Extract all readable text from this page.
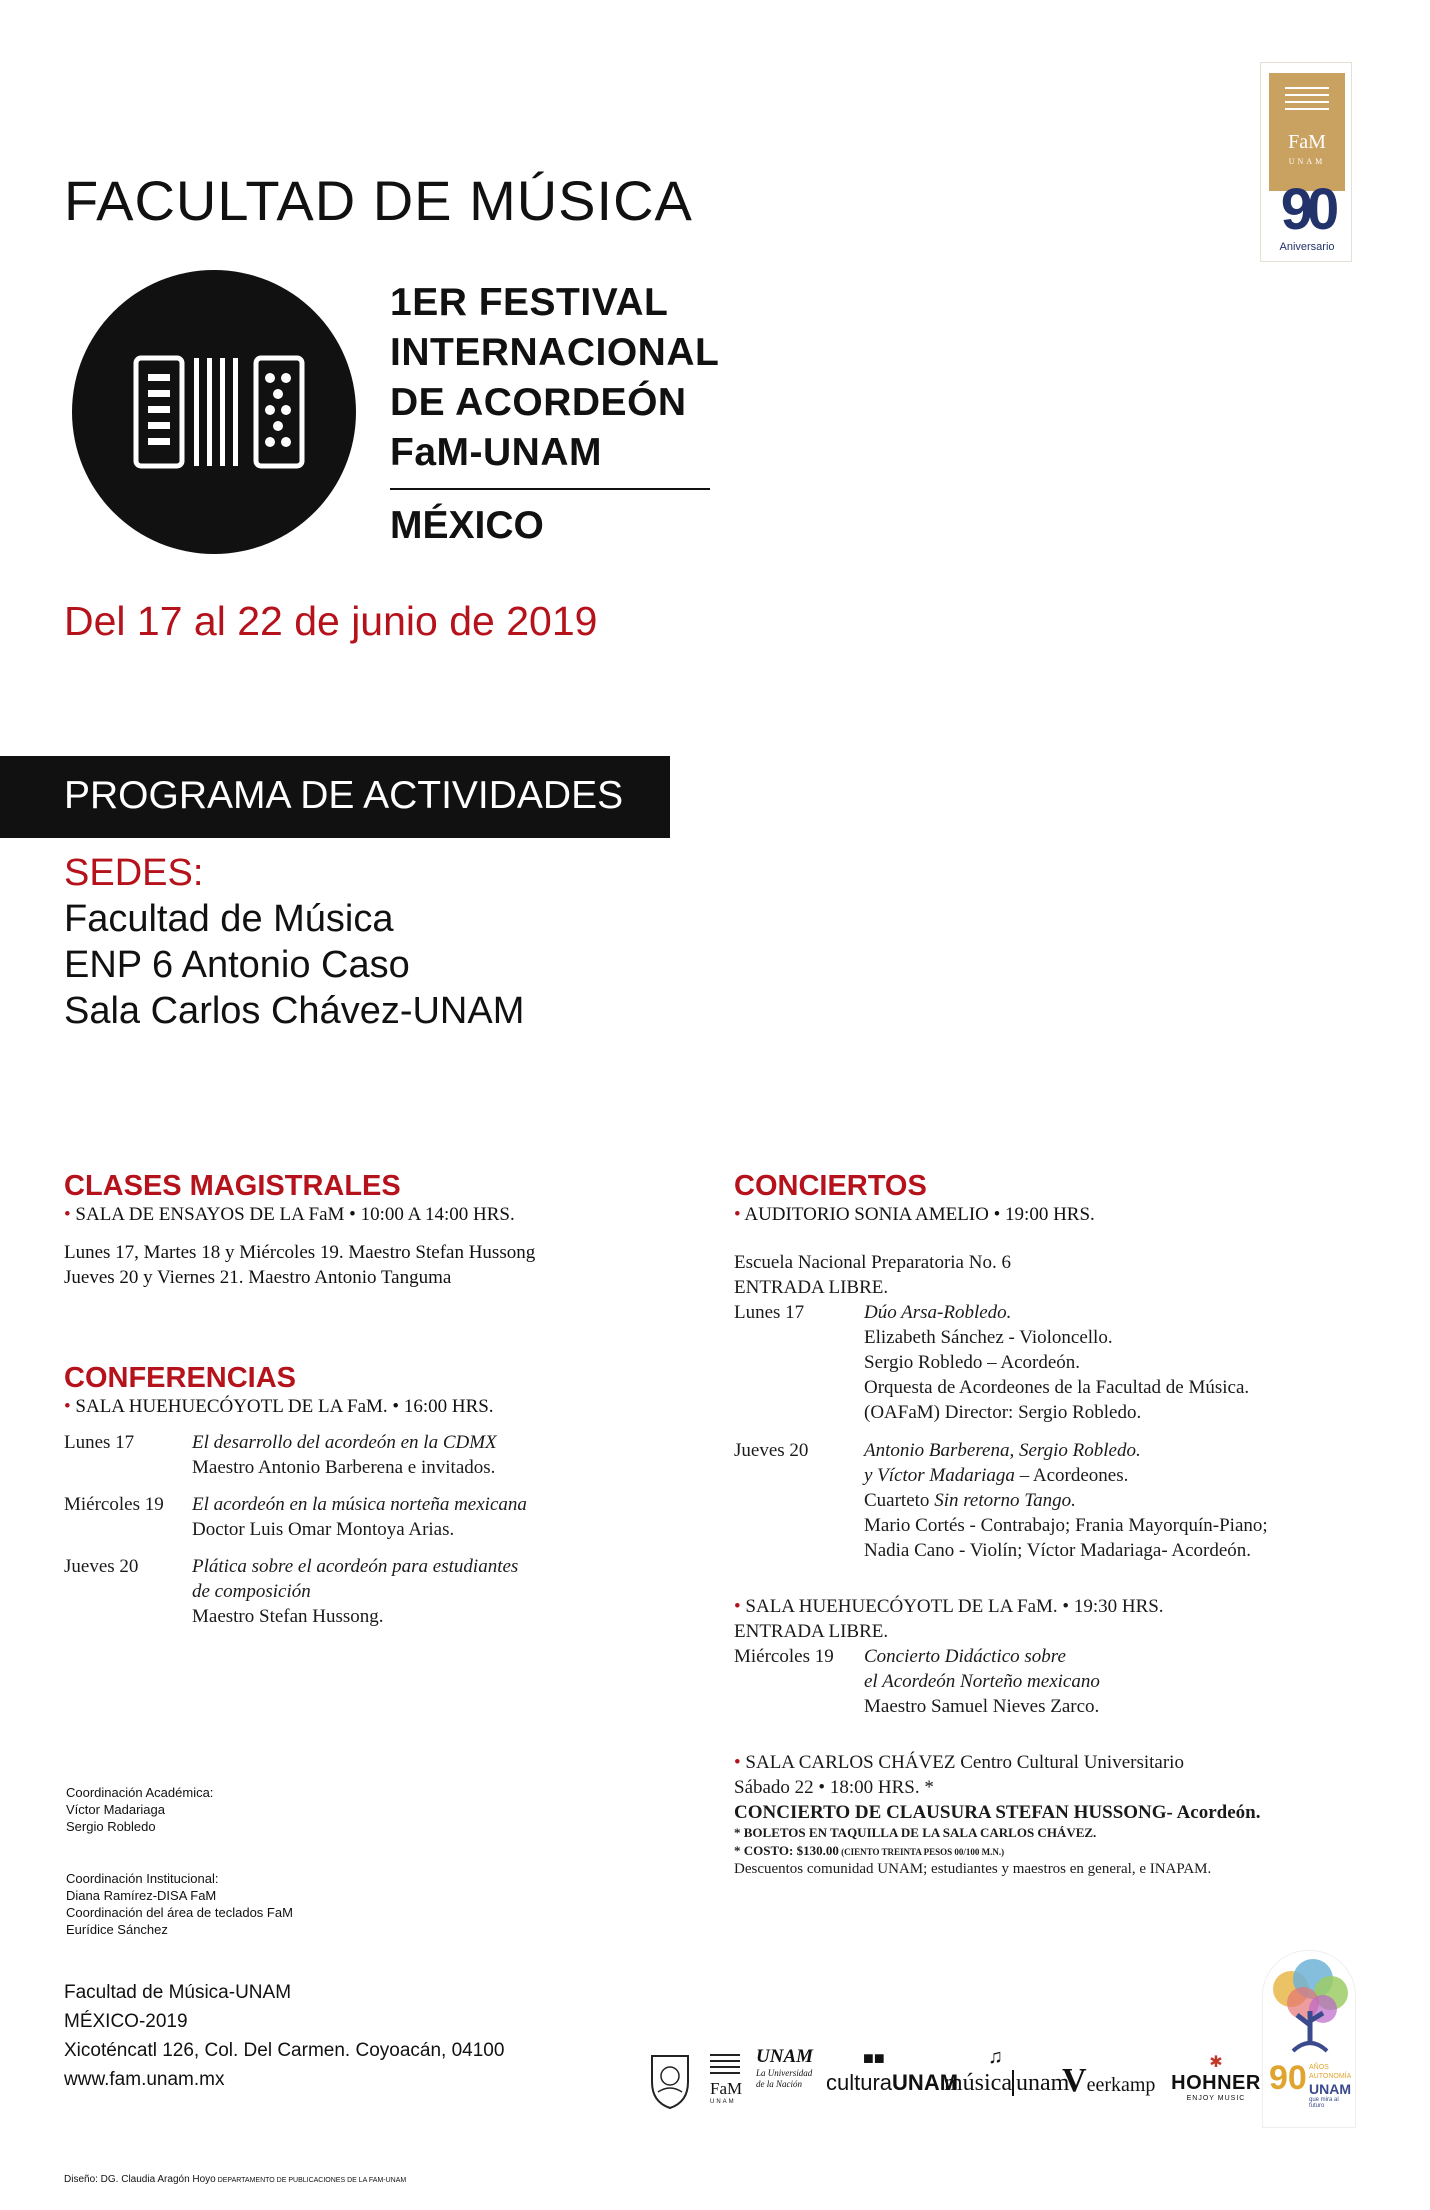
FACULTAD DE MÚSICA
FaM
UNAM
90
Aniversario
1ER FESTIVAL
INTERNACIONAL
DE ACORDEÓN
FaM-UNAM
MÉXICO
Del 17 al 22 de junio de 2019
PROGRAMA DE ACTIVIDADES
SEDES:
Facultad de Música
ENP 6 Antonio Caso
Sala Carlos Chávez-UNAM
CLASES MAGISTRALES
• SALA DE ENSAYOS DE LA FaM • 10:00 A 14:00 HRS.
Lunes 17, Martes 18 y Miércoles 19. Maestro Stefan Hussong
Jueves 20 y Viernes 21. Maestro Antonio Tanguma
CONFERENCIAS
• SALA HUEHUECÓYOTL DE LA FaM. • 16:00 HRS.
Lunes 17	El desarrollo del acordeón en la CDMX
Maestro Antonio Barberena e invitados.
Miércoles 19 El acordeón en la música norteña mexicana
Doctor Luis Omar Montoya Arias.
Jueves 20	Plática sobre el acordeón para estudiantes
de composición
Maestro Stefan Hussong.
CONCIERTOS
• AUDITORIO SONIA AMELIO • 19:00 HRS.
Escuela Nacional Preparatoria No. 6
ENTRADA LIBRE.
Lunes 17	Dúo Arsa-Robledo.
Elizabeth Sánchez - Violoncello.
Sergio Robledo – Acordeón.
Orquesta de Acordeones de la Facultad de Música.
(OAFaM) Director: Sergio Robledo.
Jueves 20	Antonio Barberena, Sergio Robledo.
y Víctor Madariaga – Acordeones.
Cuarteto Sin retorno Tango.
Mario Cortés - Contrabajo; Frania Mayorquín-Piano;
Nadia Cano - Violín; Víctor Madariaga- Acordeón.
• SALA HUEHUECÓYOTL DE LA FaM. • 19:30 HRS.
ENTRADA LIBRE.
Miércoles 19 Concierto Didáctico sobre
el Acordeón Norteño mexicano
Maestro Samuel Nieves Zarco.
• SALA CARLOS CHÁVEZ Centro Cultural Universitario
Sábado 22 • 18:00 HRS. *
CONCIERTO DE CLAUSURA STEFAN HUSSONG- Acordeón.
* BOLETOS EN TAQUILLA DE LA SALA CARLOS CHÁVEZ.
* COSTO: $130.00 (CIENTO TREINTA PESOS 00/100 M.N.)
Descuentos comunidad UNAM; estudiantes y maestros en general, e INAPAM.
Coordinación Académica:
Víctor Madariaga
Sergio Robledo
Coordinación Institucional:
Diana Ramírez-DISA FaM
Coordinación del área de teclados FaM
Eurídice Sánchez
Facultad de Música-UNAM
MÉXICO-2019
Xicoténcatl 126, Col. Del Carmen. Coyoacán, 04100
www.fam.unam.mx
Diseño: DG. Claudia Aragón Hoyo DEPARTAMENTO DE PUBLICACIONES DE LA FAM-UNAM
FaM
UNAM
UNAM
La Universidad de la Nación	culturaUNAM
■■
música unam
♫
Veerkamp
✱
HOHNER
ENJOY MUSIC
90 AÑOS
AUTONOMÍA
UNAM
que mira al futuro
